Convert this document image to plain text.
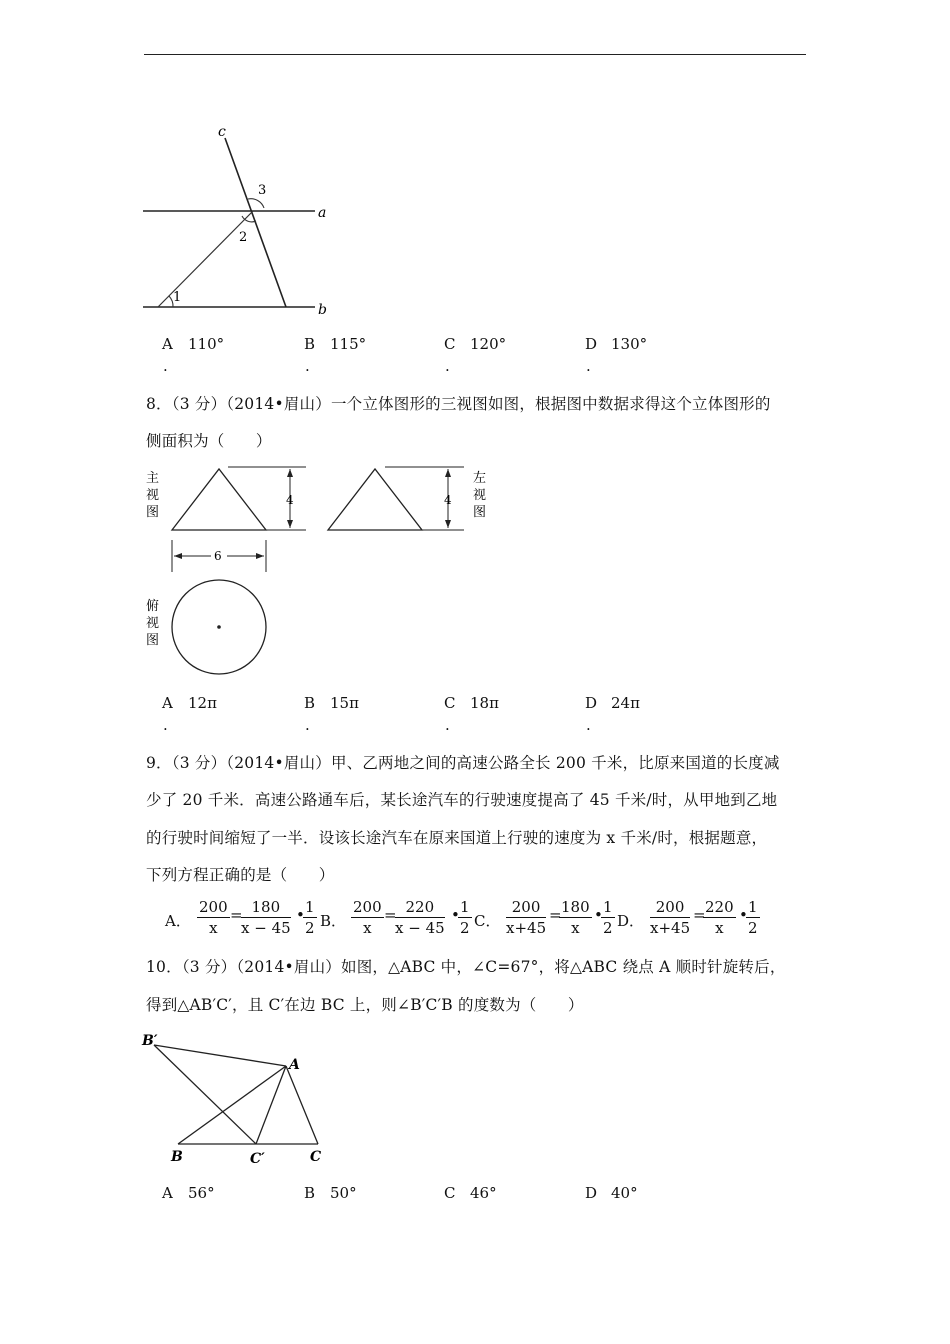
c
a
b
3
2
1
A 110°	B 115°	C 120°	D 130°
.	.	.	.
8．（3 分）（2014•眉山）一个立体图形的三视图如图，根据图中数据求得这个立体图形的
侧面积为（　　）
主
视
图
4
6
4
左
视
图
俯
视
图
A 12π	B 15π	C 18π	D 24π
.	.	.	.
9．（3 分）（2014•眉山）甲、乙两地之间的高速公路全长 200 千米，比原来国道的长度减
少了 20 千米．高速公路通车后，某长途汽车的行驶速度提高了 45 千米/时，从甲地到乙地
的行驶时间缩短了一半．设该长途汽车在原来国道上行驶的速度为 x 千米/时，根据题意，
下列方程正确的是（　　）
A． $\frac{200}{x}$ =
$\frac{180}{x - 45}$ •
$\frac{1}{2}$ B． $\frac{200}{x}$ =
$\frac{220}{x - 45}$ •
$\frac{1}{2}$ C． $\frac{200}{x+45}$ =
$\frac{180}{x}$ •
$\frac{1}{2}$ D． $\frac{200}{x+45}$ =
$\frac{220}{x}$ •
$\frac{1}{2}$
10．（3 分）（2014•眉山）如图，△ABC 中，∠C=67°，将△ABC 绕点 A 顺时针旋转后，
得到△AB′C′，且 C′在边 BC 上，则∠B′C′B 的度数为（　　）
B′
A
B	C′	C
A 56°	B 50°	C 46°	D 40°
